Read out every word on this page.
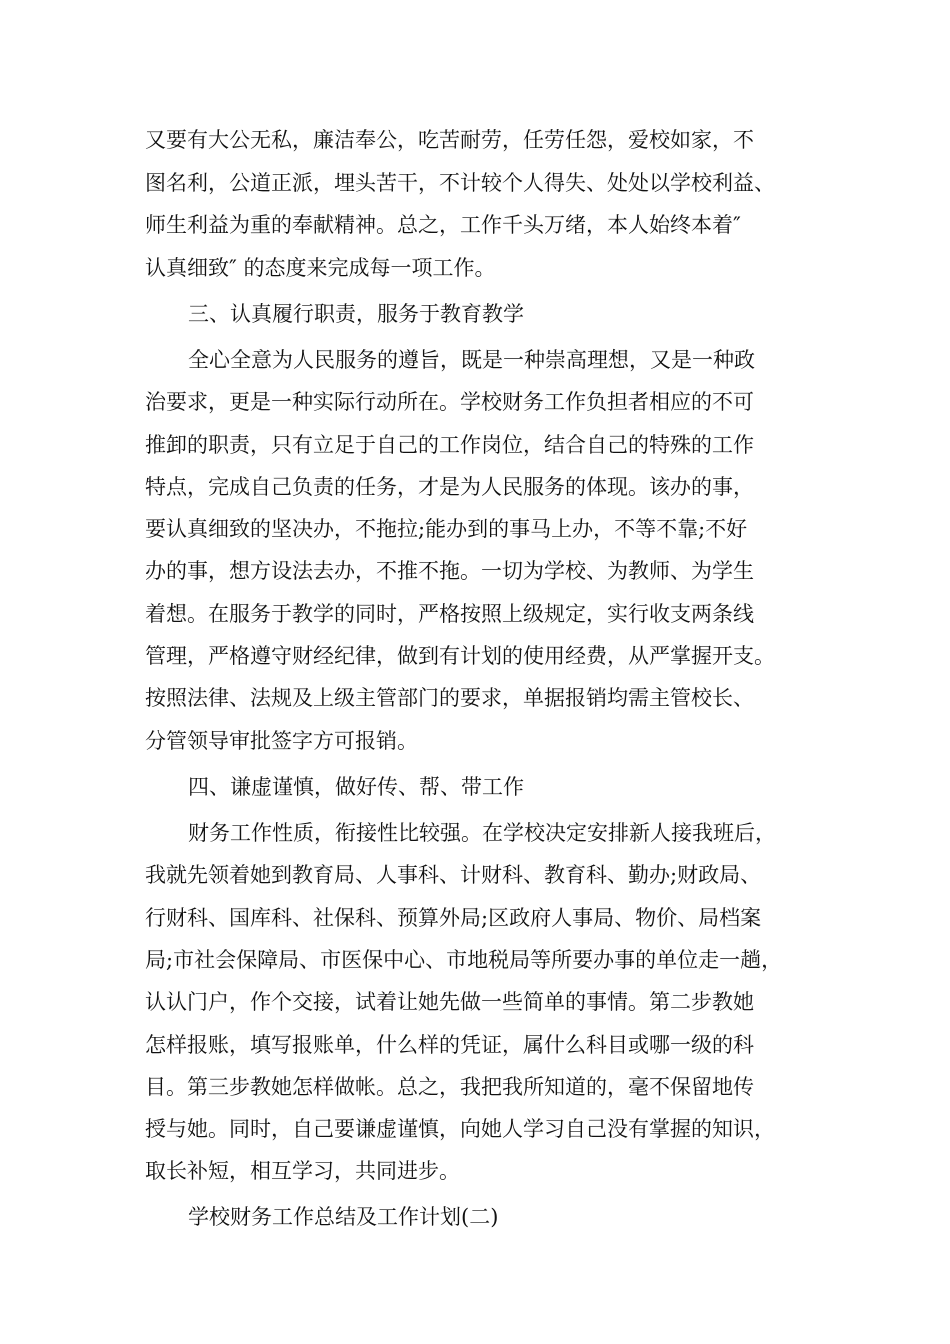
又要有大公无私，廉洁奉公，吃苦耐劳，任劳任怨，爱校如家，不
图名利，公道正派，埋头苦干，不计较个人得失、处处以学校利益、
师生利益为重的奉献精神。总之，工作千头万绪，本人始终本着″
认真细致″ 的态度来完成每一项工作。
三、认真履行职责，服务于教育教学
全心全意为人民服务的遵旨，既是一种崇高理想，又是一种政
治要求，更是一种实际行动所在。学校财务工作负担者相应的不可
推卸的职责，只有立足于自己的工作岗位，结合自己的特殊的工作
特点，完成自己负责的任务，才是为人民服务的体现。该办的事，
要认真细致的坚决办，不拖拉;能办到的事马上办，不等不靠;不好
办的事，想方设法去办，不推不拖。一切为学校、为教师、为学生
着想。在服务于教学的同时，严格按照上级规定，实行收支两条线
管理，严格遵守财经纪律，做到有计划的使用经费，从严掌握开支。
按照法律、法规及上级主管部门的要求，单据报销均需主管校长、
分管领导审批签字方可报销。
四、谦虚谨慎，做好传、帮、带工作
财务工作性质，衔接性比较强。在学校决定安排新人接我班后，
我就先领着她到教育局、人事科、计财科、教育科、勤办;财政局、
行财科、国库科、社保科、预算外局;区政府人事局、物价、局档案
局;市社会保障局、市医保中心、市地税局等所要办事的单位走一趟，
认认门户，作个交接，试着让她先做一些简单的事情。第二步教她
怎样报账，填写报账单，什么样的凭证，属什么科目或哪一级的科
目。第三步教她怎样做帐。总之，我把我所知道的，毫不保留地传
授与她。同时，自己要谦虚谨慎，向她人学习自己没有掌握的知识，
取长补短，相互学习，共同进步。
学校财务工作总结及工作计划(二)
